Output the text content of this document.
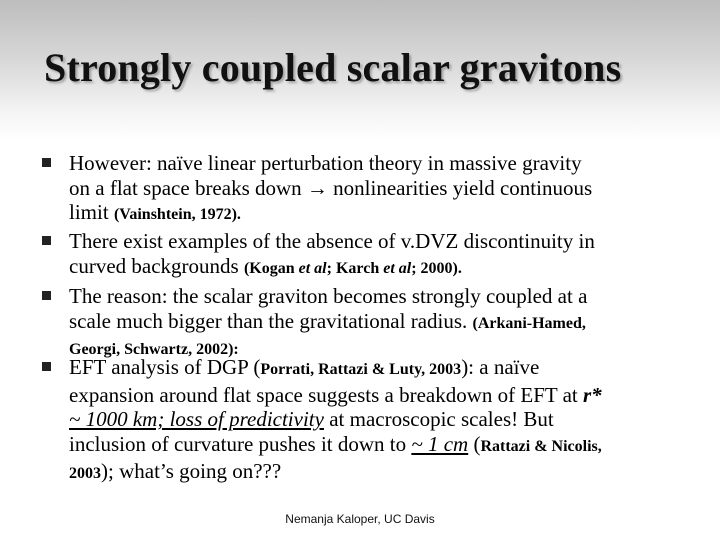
Strongly coupled scalar gravitons
However: naïve linear perturbation theory in massive gravity
on a flat space breaks down → nonlinearities yield continuous
limit (Vainshtein, 1972).
There exist examples of the absence of v.DVZ discontinuity in
curved backgrounds (Kogan et al; Karch et al; 2000).
The reason: the scalar graviton becomes strongly coupled at a
scale much bigger than the gravitational radius. (Arkani-Hamed,
Georgi, Schwartz, 2002):
EFT analysis of DGP (Porrati, Rattazi & Luty, 2003): a naïve
expansion around flat space suggests a breakdown of EFT at r*
~ 1000 km; loss of predictivity at macroscopic scales! But
inclusion of curvature pushes it down to ~ 1 cm (Rattazi & Nicolis,
2003); what’s going on???
Nemanja Kaloper, UC Davis
